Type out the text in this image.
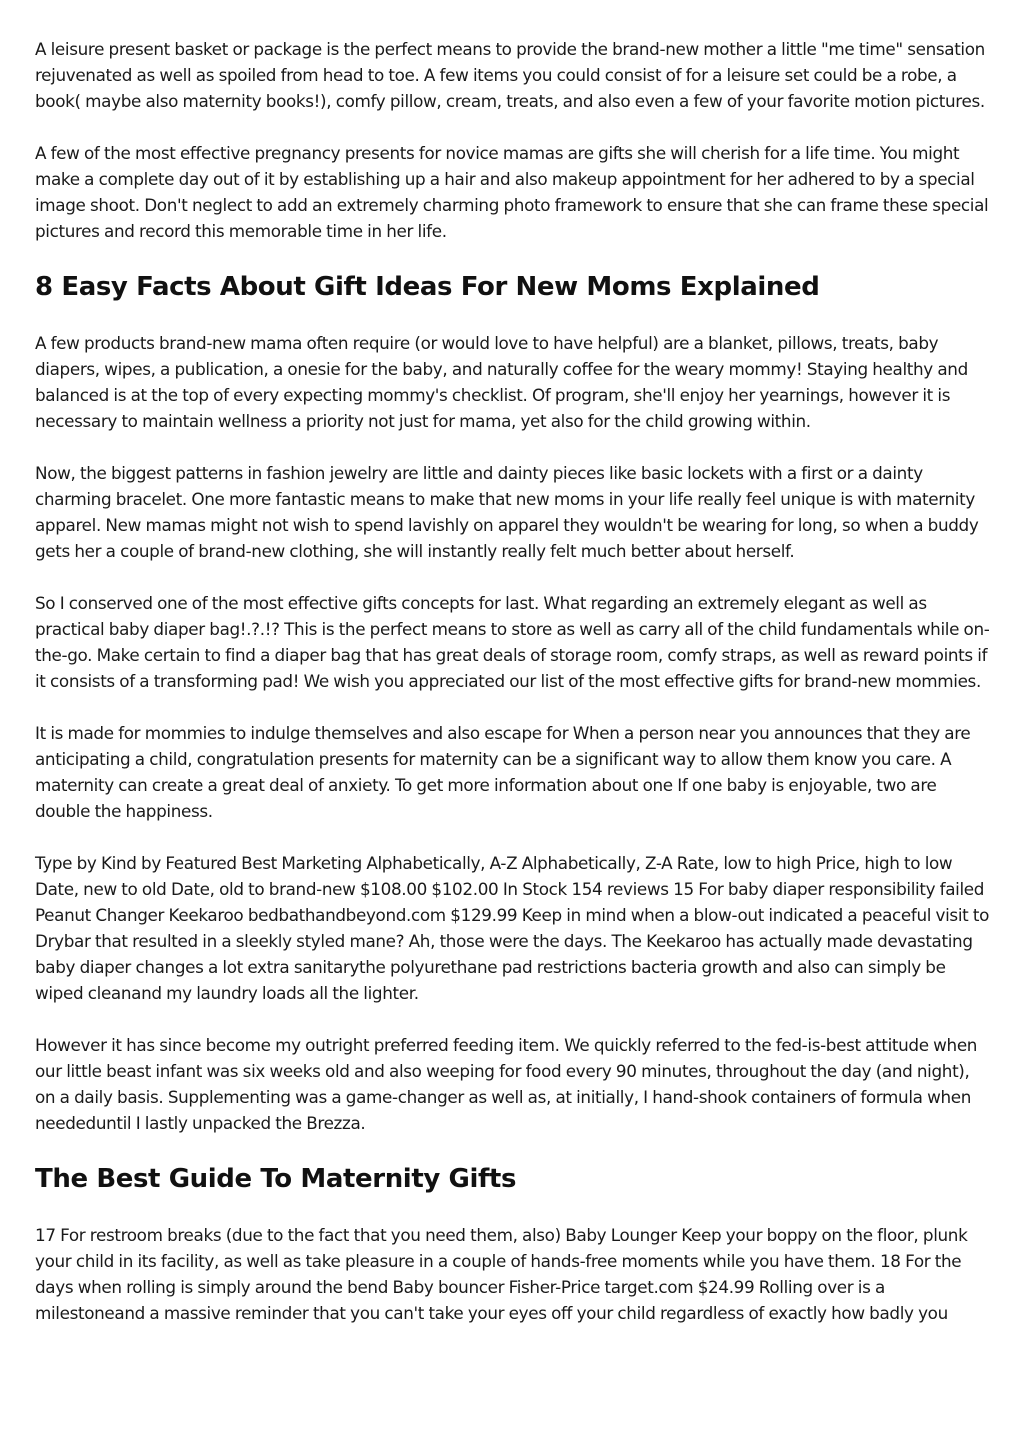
A leisure present basket or package is the perfect means to provide the brand-new mother a little "me time" sensation rejuvenated as well as spoiled from head to toe. A few items you could consist of for a leisure set could be a robe, a book( maybe also maternity books!), comfy pillow, cream, treats, and also even a few of your favorite motion pictures.

A few of the most effective pregnancy presents for novice mamas are gifts she will cherish for a life time. You might make a complete day out of it by establishing up a hair and also makeup appointment for her adhered to by a special image shoot. Don't neglect to add an extremely charming photo framework to ensure that she can frame these special pictures and record this memorable time in her life.

8 Easy Facts About Gift Ideas For New Moms Explained

A few products brand-new mama often require (or would love to have helpful) are a blanket, pillows, treats, baby diapers, wipes, a publication, a onesie for the baby, and naturally coffee for the weary mommy! Staying healthy and balanced is at the top of every expecting mommy's checklist. Of program, she'll enjoy her yearnings, however it is necessary to maintain wellness a priority not just for mama, yet also for the child growing within.

Now, the biggest patterns in fashion jewelry are little and dainty pieces like basic lockets with a first or a dainty charming bracelet. One more fantastic means to make that new moms in your life really feel unique is with maternity apparel. New mamas might not wish to spend lavishly on apparel they wouldn't be wearing for long, so when a buddy gets her a couple of brand-new clothing, she will instantly really felt much better about herself.

So I conserved one of the most effective gifts concepts for last. What regarding an extremely elegant as well as practical baby diaper bag!.?.!? This is the perfect means to store as well as carry all of the child fundamentals while on-the-go. Make certain to find a diaper bag that has great deals of storage room, comfy straps, as well as reward points if it consists of a transforming pad! We wish you appreciated our list of the most effective gifts for brand-new mommies.

It is made for mommies to indulge themselves and also escape for When a person near you announces that they are anticipating a child, congratulation presents for maternity can be a significant way to allow them know you care. A maternity can create a great deal of anxiety. To get more information about one If one baby is enjoyable, two are double the happiness.

Type by Kind by Featured Best Marketing Alphabetically, A-Z Alphabetically, Z-A Rate, low to high Price, high to low Date, new to old Date, old to brand-new $108.00 $102.00 In Stock 154 reviews 15 For baby diaper responsibility failed Peanut Changer Keekaroo bedbathandbeyond.com $129.99 Keep in mind when a blow-out indicated a peaceful visit to Drybar that resulted in a sleekly styled mane? Ah, those were the days. The Keekaroo has actually made devastating baby diaper changes a lot extra sanitarythe polyurethane pad restrictions bacteria growth and also can simply be wiped cleanand my laundry loads all the lighter.

However it has since become my outright preferred feeding item. We quickly referred to the fed-is-best attitude when our little beast infant was six weeks old and also weeping for food every 90 minutes, throughout the day (and night), on a daily basis. Supplementing was a game-changer as well as, at initially, I hand-shook containers of formula when neededuntil I lastly unpacked the Brezza.

The Best Guide To Maternity Gifts

17 For restroom breaks (due to the fact that you need them, also) Baby Lounger Keep your boppy on the floor, plunk your child in its facility, as well as take pleasure in a couple of hands-free moments while you have them. 18 For the days when rolling is simply around the bend Baby bouncer Fisher-Price target.com $24.99 Rolling over is a milestoneand a massive reminder that you can't take your eyes off your child regardless of exactly how badly you
